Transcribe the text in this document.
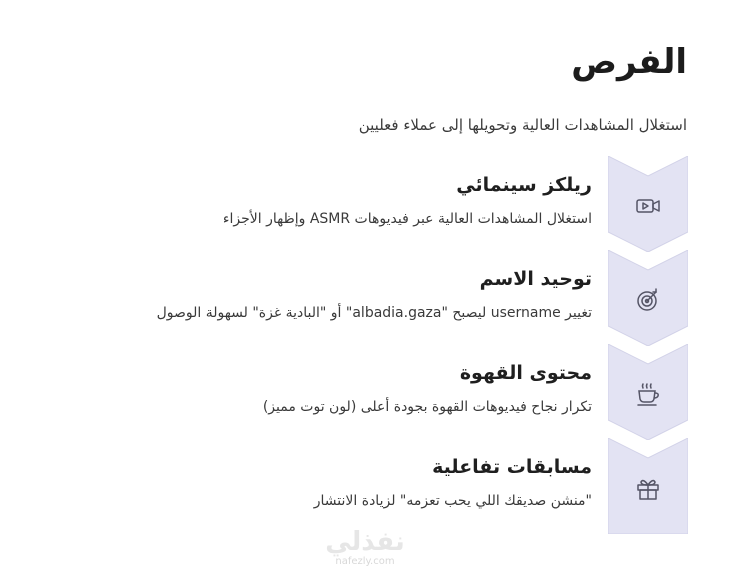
الفرص

استغلال المشاهدات العالية وتحويلها إلى عملاء فعليين

ريلكز سينمائي

استغلال المشاهدات العالية عبر فيديوهات ASMR وإظهار الأجزاء

توحيد الاسم

تغيير username ليصبح "albadia.gaza" أو "البادية غزة" لسهولة الوصول

محتوى القهوة

تكرار نجاح فيديوهات القهوة بجودة أعلى (لون توت مميز)

مسابقات تفاعلية

"منشن صديقك اللي يحب تعزمه" لزيادة الانتشار

نفذلي
nafezly.com
